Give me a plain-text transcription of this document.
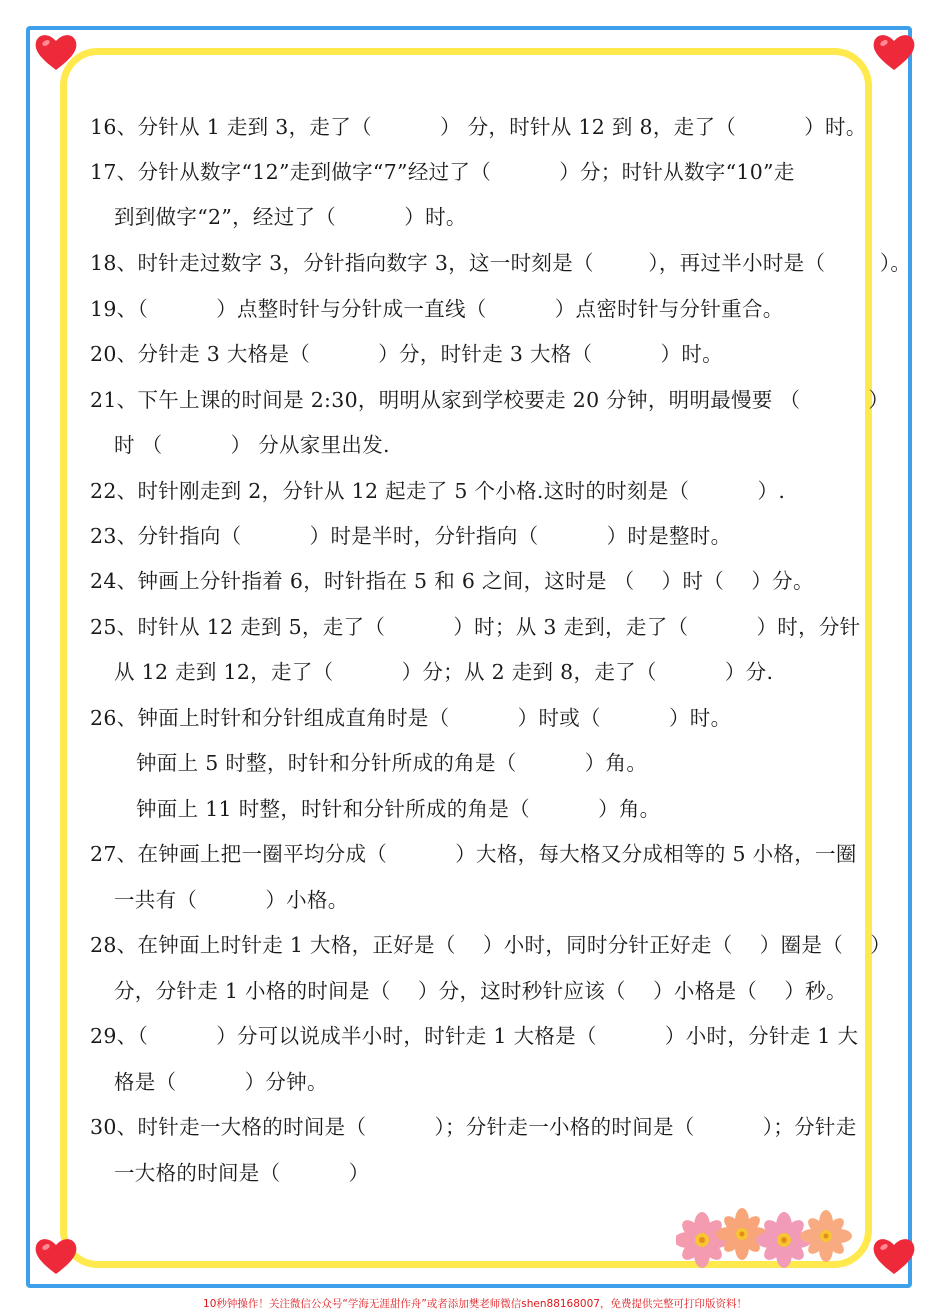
16、分针从 1 走到 3，走了（          ） 分，时针从 12 到 8，走了（          ）时。
17、分针从数字“12”走到做字“7”经过了（          ）分；时针从数字“10”走
到到做字“2”，经过了（          ）时。
18、时针走过数字 3，分针指向数字 3，这一时刻是（        ），再过半小时是（        ）。
19、（          ）点整时针与分针成一直线（          ）点密时针与分针重合。
20、分针走 3 大格是（          ）分，时针走 3 大格（          ）时。
21、下午上课的时间是 2:30，明明从家到学校要走 20 分钟，明明最慢要 （          ）
时 （          ） 分从家里出发.
22、时针刚走到 2，分针从 12 起走了 5 个小格.这时的时刻是（          ）.
23、分针指向（          ）时是半时，分针指向（          ）时是整时。
24、钟画上分针指着 6，时针指在 5 和 6 之间，这时是 （    ）时（    ）分。
25、时针从 12 走到 5，走了（          ）时；从 3 走到，走了（          ）时，分针
从 12 走到 12，走了（          ）分；从 2 走到 8，走了（          ）分.
26、钟面上时针和分针组成直角时是（          ）时或（          ）时。
钟面上 5 时整，时针和分针所成的角是（          ）角。
钟面上 11 时整，时针和分针所成的角是（          ）角。
27、在钟画上把一圈平均分成（          ）大格，每大格又分成相等的 5 小格，一圈
一共有（          ）小格。
28、在钟面上时针走 1 大格，正好是（    ）小时，同时分针正好走（    ）圈是（    ）
分，分针走 1 小格的时间是（    ）分，这时秒针应该（    ）小格是（    ）秒。
29、（          ）分可以说成半小时，时针走 1 大格是（          ）小时，分针走 1 大
格是（          ）分钟。
30、时针走一大格的时间是（          ）；分针走一小格的时间是（          ）；分针走
一大格的时间是（          ）
10秒钟操作！关注微信公众号“学海无涯甜作舟”或者添加樊老师微信shen88168007，免费提供完整可打印版资料！
